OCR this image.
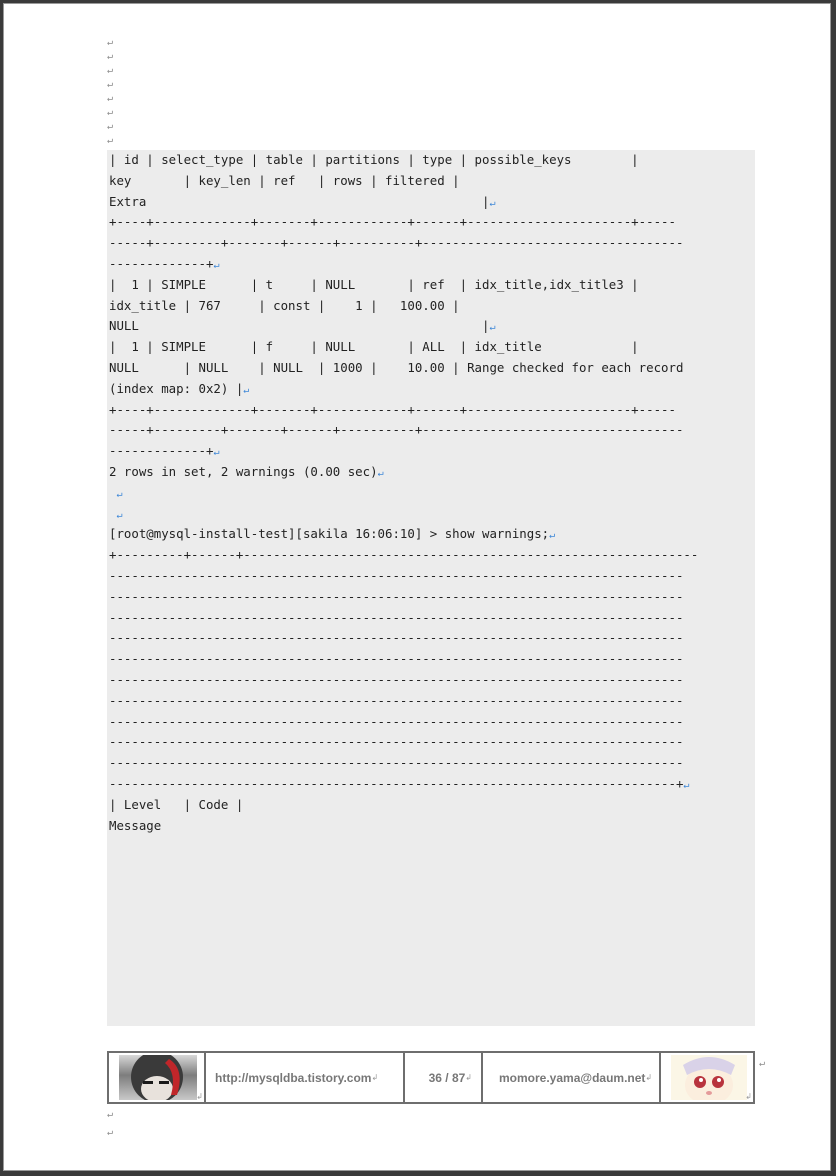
↵
↵
↵
↵
↵
↵
↵
↵
| id | select_type | table | partitions | type | possible_keys        |
key       | key_len | ref   | rows | filtered |
Extra                                             |↵
+----+-------------+-------+------------+------+----------------------+-----
-----+---------+-------+------+----------+-----------------------------------
-------------+↵
|  1 | SIMPLE      | t     | NULL       | ref  | idx_title,idx_title3 |
idx_title | 767     | const |    1 |   100.00 |
NULL                                              |↵
|  1 | SIMPLE      | f     | NULL       | ALL  | idx_title            |
NULL      | NULL    | NULL  | 1000 |    10.00 | Range checked for each record
(index map: 0x2) |↵
+----+-------------+-------+------------+------+----------------------+-----
-----+---------+-------+------+----------+-----------------------------------
-------------+↵
2 rows in set, 2 warnings (0.00 sec)↵
↵
↵
[root@mysql-install-test][sakila 16:06:10] > show warnings;↵
+---------+------+-------------------------------------------------------------
-----------------------------------------------------------------------------
-----------------------------------------------------------------------------
-----------------------------------------------------------------------------
-----------------------------------------------------------------------------
-----------------------------------------------------------------------------
-----------------------------------------------------------------------------
-----------------------------------------------------------------------------
-----------------------------------------------------------------------------
-----------------------------------------------------------------------------
-----------------------------------------------------------------------------
----------------------------------------------------------------------------+↵
| Level   | Code |
Message
↲
http://mysqldba.tistory.com ↲	36 / 87 ↲ momore.yama@daum.net ↲
↲
↵
↵
↵
